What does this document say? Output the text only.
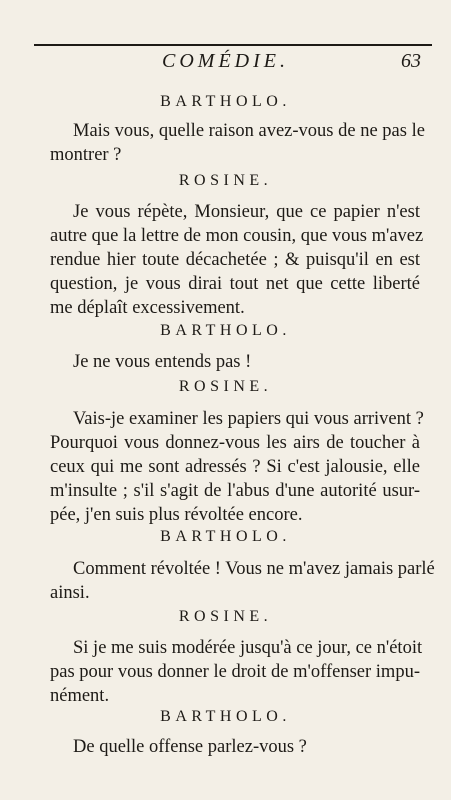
COMÉDIE.	63
BARTHOLO.
Mais vous, quelle raison avez-vous de ne pas le
montrer ?
ROSINE.
Je vous répète, Monsieur, que ce papier n'est
autre que la lettre de mon cousin, que vous m'avez
rendue hier toute décachetée ; & puisqu'il en est
question, je vous dirai tout net que cette liberté
me déplaît excessivement.
BARTHOLO.
Je ne vous entends pas !
ROSINE.
Vais-je examiner les papiers qui vous arrivent ?
Pourquoi vous donnez-vous les airs de toucher à
ceux qui me sont adressés ? Si c'est jalousie, elle
m'insulte ; s'il s'agit de l'abus d'une autorité usur-
pée, j'en suis plus révoltée encore.
BARTHOLO.
Comment révoltée ! Vous ne m'avez jamais parlé
ainsi.
ROSINE.
Si je me suis modérée jusqu'à ce jour, ce n'étoit
pas pour vous donner le droit de m'offenser impu-
nément.
BARTHOLO.
De quelle offense parlez-vous ?
